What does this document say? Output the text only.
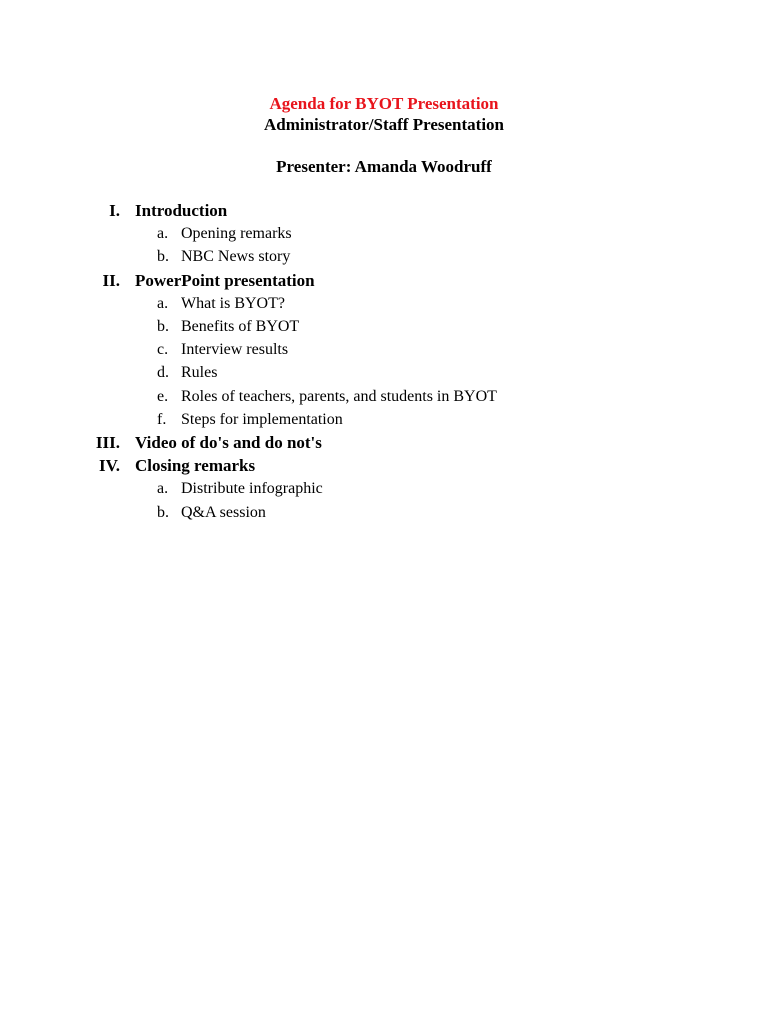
Agenda for BYOT Presentation
Administrator/Staff Presentation
Presenter: Amanda Woodruff
I. Introduction
a. Opening remarks
b. NBC News story
II. PowerPoint presentation
a. What is BYOT?
b. Benefits of BYOT
c. Interview results
d. Rules
e. Roles of teachers, parents, and students in BYOT
f. Steps for implementation
III. Video of do's and do not's
IV. Closing remarks
a. Distribute infographic
b. Q&A session
